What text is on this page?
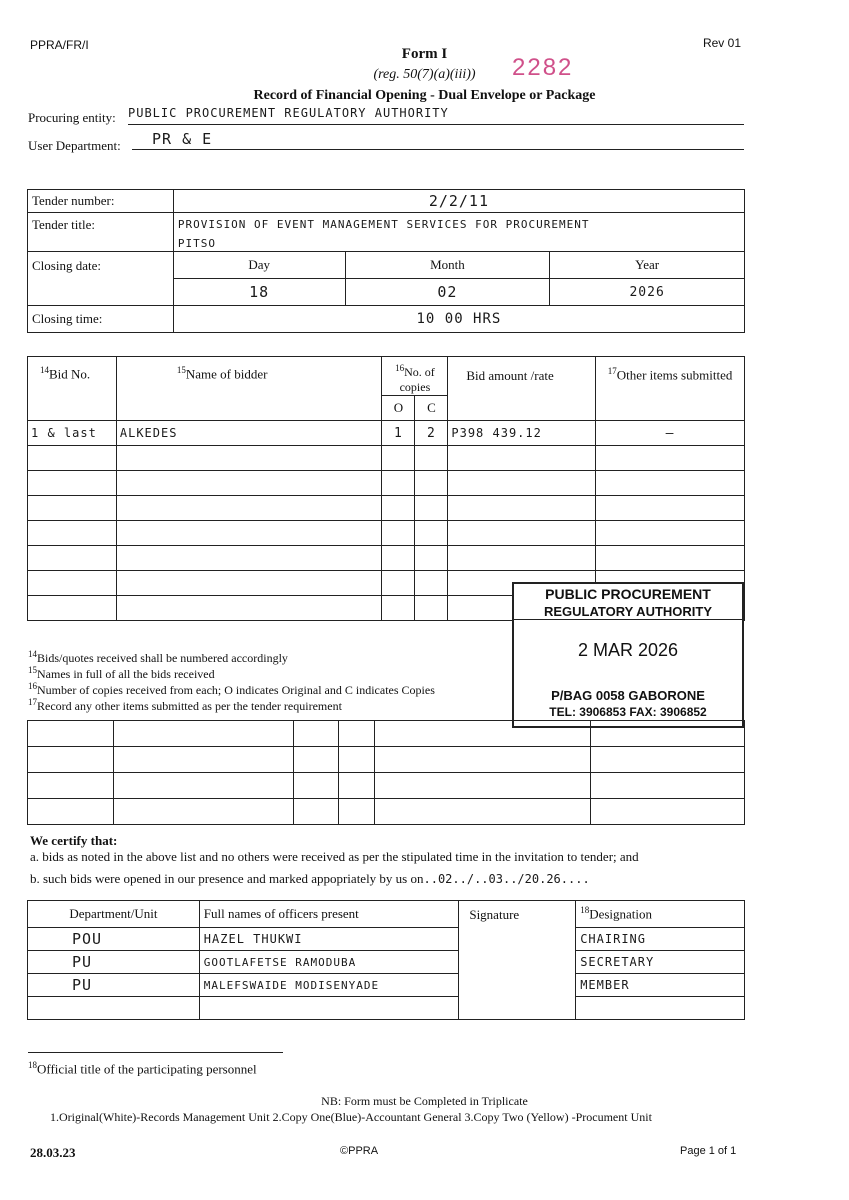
PPRA/FR/I	Rev 01
Form I
(reg. 50(7)(a)(iii))	2282
Record of Financial Opening - Dual Envelope or Package
Procuring entity: PUBLIC PROCUREMENT REGULATORY AUTHORITY
User Department:	PR & E
Tender number:	2/2/11		
Tender title:	PROVISION OF EVENT MANAGEMENT SERVICES FOR PROCUREMENT		
	PITSO		
Closing date:	Day	Month	Year
	18	02	2026
Closing time:	10 00 HRS		
$^{14}$Bid No.	$^{15}$Name of bidder	$^{16}$No. of copies		Bid amount /rate	$^{17}$Other items submitted
		O	C		
1 & last	ALKEDES	1	2	P398 439.12	—

$^{14}$Bids/quotes received shall be numbered accordingly
$^{15}$Names in full of all the bids received
$^{16}$Number of copies received from each; O indicates Original and C indicates Copies
$^{17}$Record any other items submitted as per the tender requirement
PUBLIC PROCUREMENT
REGULATORY AUTHORITY
2 MAR 2026
P/BAG 0058 GABORONE
TEL: 3906853 FAX: 3906852

We certify that:
a. bids as noted in the above list and no others were received as per the stipulated time in the invitation to tender; and
b. such bids were opened in our presence and marked appopriately by us on..02../..03../20.26....
Department/Unit	Full names of officers present	Signature	$^{18}$Designation
POU	HAZEL THUKWI		CHAIRING
PU	GOOTLAFETSE RAMODUBA		SECRETARY
PU	MALEFSWAIDE MODISENYADE		MEMBER

$^{18}$Official title of the participating personnel
NB: Form must be Completed in Triplicate
1.Original(White)-Records Management Unit 2.Copy One(Blue)-Accountant General 3.Copy Two (Yellow) -Procument Unit
28.03.23	©PPRA	Page 1 of 1
